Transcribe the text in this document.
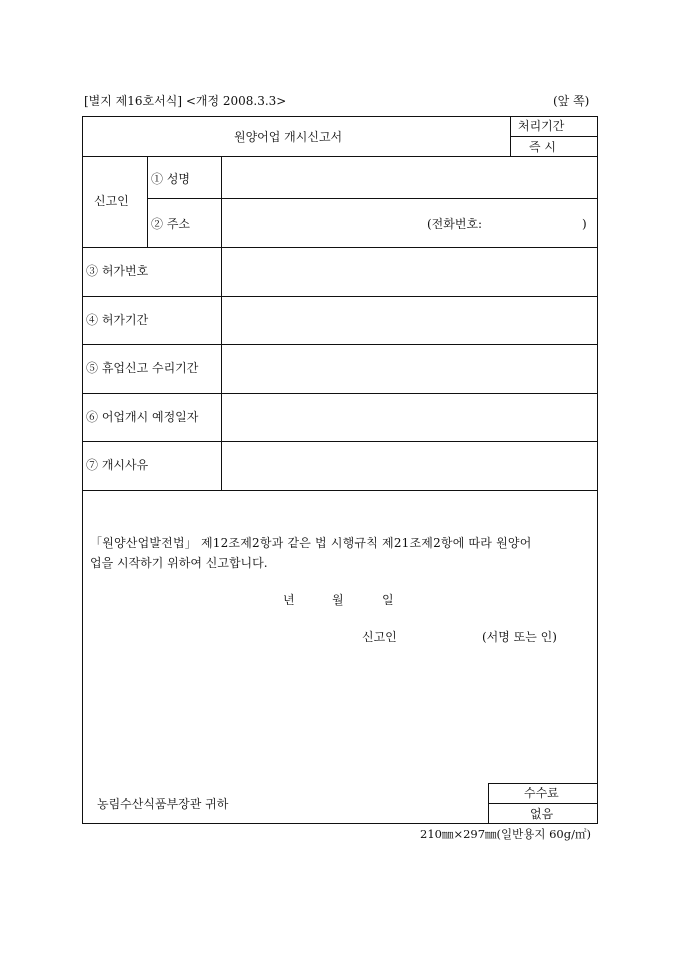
[별지 제16호서식] <개정 2008.3.3>	(앞 쪽)
원양어업 개시신고서
처리기간
즉 시
신고인
① 성명
② 주소	(전화번호:	)
③ 허가번호
④ 허가기간
⑤ 휴업신고 수리기간
⑥ 어업개시 예정일자
⑦ 개시사유
「원양산업발전법」 제12조제2항과 같은 법 시행규칙 제21조제2항에 따라 원양어
업을 시작하기 위하여 신고합니다.
년	월	일
신고인	(서명 또는 인)
농림수산식품부장관 귀하
수수료
없음
210㎜×297㎜(일반용지 60g/㎡)
